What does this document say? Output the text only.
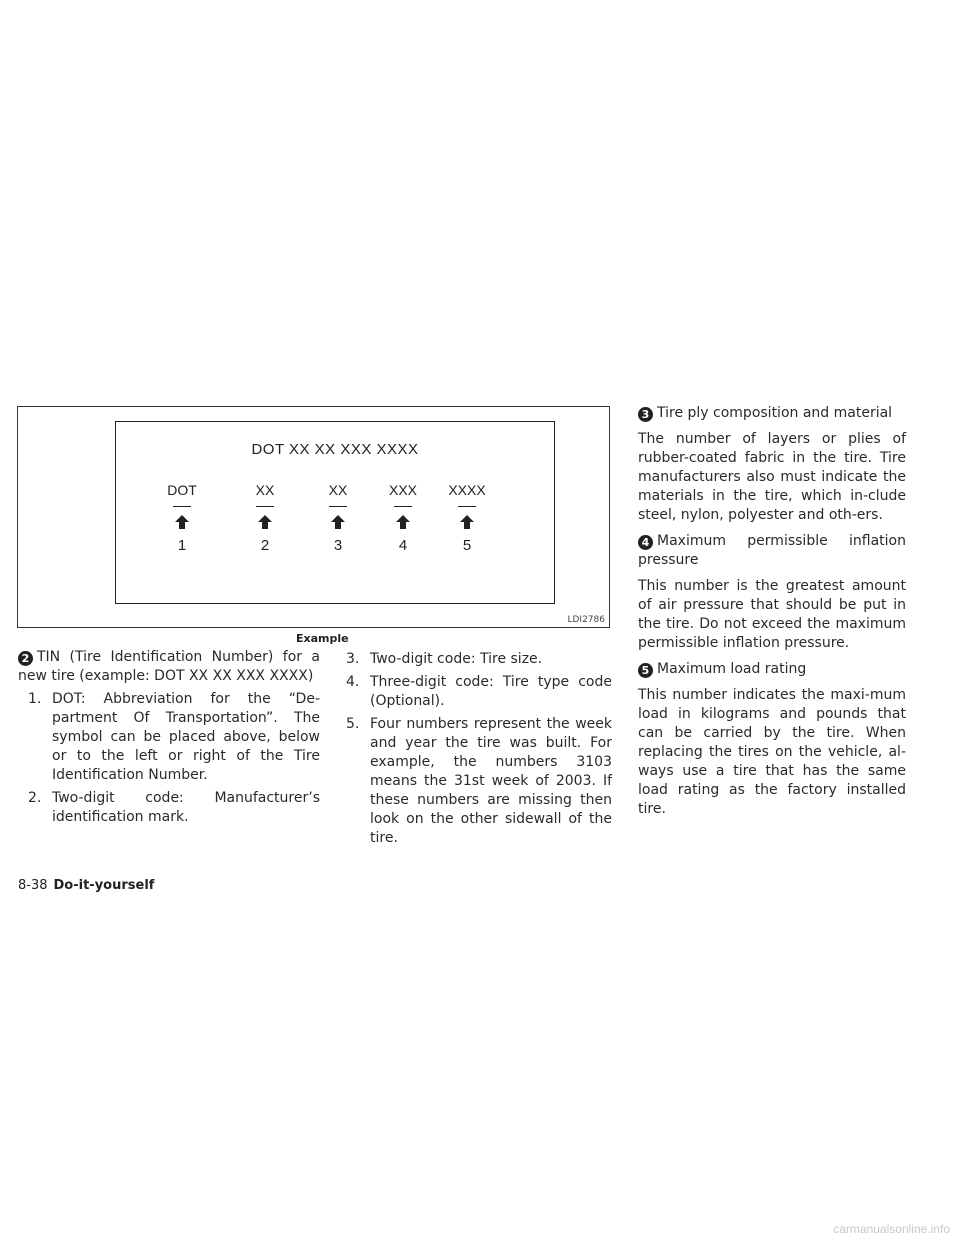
DOT XX XX XXX XXXX
DOT
1
XX
2
XX
3
XXX
4
XXXX
5
LDI2786
Example
2 TIN (Tire Identification Number) for a new tire (example: DOT XX XX XXX XXXX)
1. DOT: Abbreviation for the “De-partment Of Transportation”. The symbol can be placed above, below or to the left or right of the Tire Identification Number.
2. Two-digit code: Manufacturer’s identification mark.
3. Two-digit code: Tire size.
4. Three-digit code: Tire type code (Optional).
5. Four numbers represent the week and year the tire was built. For example, the numbers 3103 means the 31st week of 2003. If these numbers are missing then look on the other sidewall of the tire.
3 Tire ply composition and material
The number of layers or plies of rubber-coated fabric in the tire. Tire manufacturers also must indicate the materials in the tire, which in-clude steel, nylon, polyester and oth-ers.
4 Maximum permissible inflation pressure
This number is the greatest amount of air pressure that should be put in the tire. Do not exceed the maximum permissible inflation pressure.
5 Maximum load rating
This number indicates the maxi-mum load in kilograms and pounds that can be carried by the tire. When replacing the tires on the vehicle, al-ways use a tire that has the same load rating as the factory installed tire.
8-38 Do-it-yourself
carmanualsonline.info
